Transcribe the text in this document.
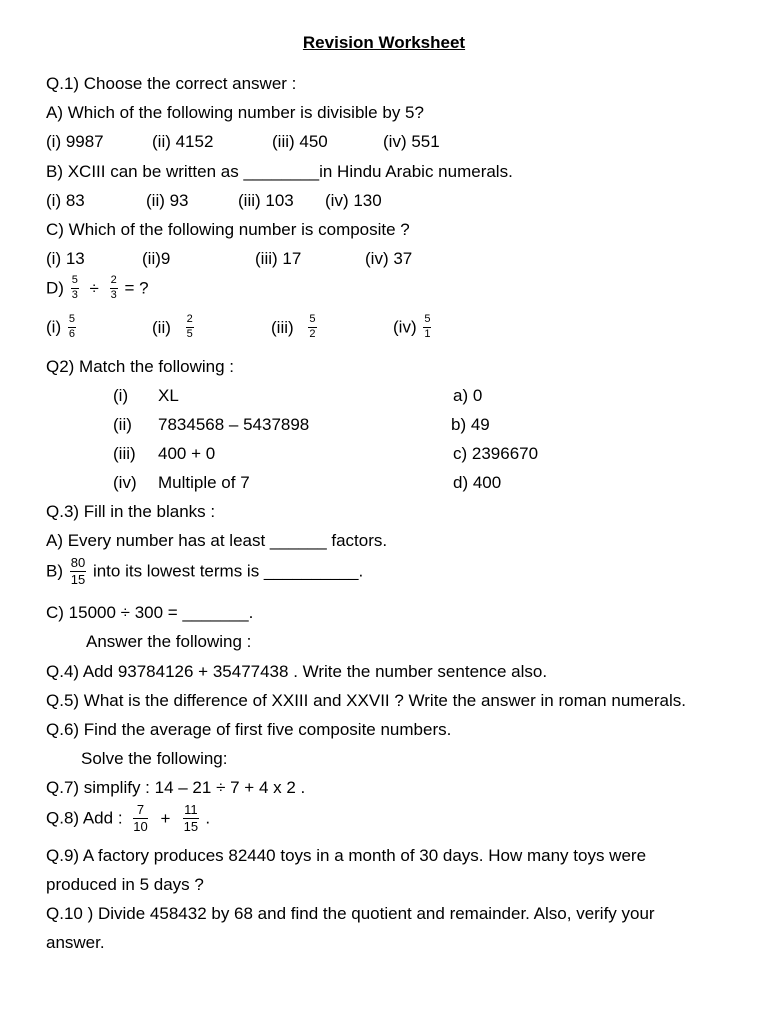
Revision Worksheet
Q.1) Choose the correct answer :
A) Which of the following number is divisible by 5?
(i) 9987	(ii) 4152	(iii) 450	(iv) 551
B) XCIII can be written as ________in Hindu Arabic numerals.
(i) 83	(ii) 93	(iii) 103 (iv) 130
C) Which of the following number is composite ?
(i) 13	(ii)9	(iii) 17	(iv) 37
$D) \frac{5}{3} \div \frac{2}{3}$ = ?
$(i) \frac{5}{6}$	$(ii) \frac{2}{5}$	$(iii) \frac{5}{2}$	$(iv) \frac{5}{1}$
Q2) Match the following :
(i) XL	a) 0
(ii) 7834568 – 5437898	b) 49
(iii) 400 + 0	c) 2396670
(iv) Multiple of 7	d) 400
Q.3) Fill in the blanks :
A) Every number has at least ______ factors.
$B) \frac{80}{15}$ into its lowest terms is __________.
C) 15000 ÷ 300 = _______.
Answer the following :
Q.4) Add 93784126 + 35477438 . Write the number sentence also.
Q.5) What is the difference of XXIII and XXVII ? Write the answer in roman numerals.
Q.6) Find the average of first five composite numbers.
Solve the following:
Q.7) simplify : 14 – 21 ÷ 7 + 4 x 2 .
Q.8) Add : $\frac{7}{10} + \frac{11}{15}$ .
Q.9) A factory produces 82440 toys in a month of 30 days. How many toys were
produced in 5 days ?
Q.10 ) Divide 458432 by 68 and find the quotient and remainder. Also, verify your
answer.
